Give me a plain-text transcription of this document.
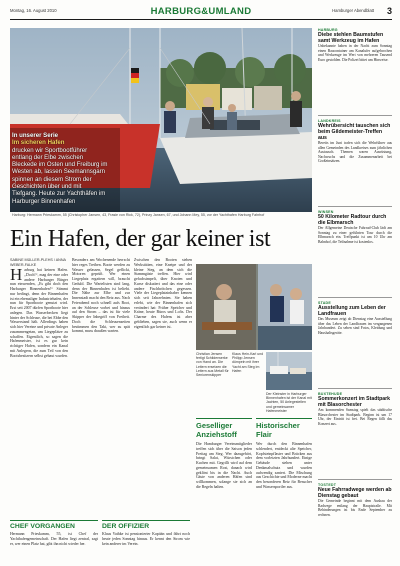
Montag, 16. August 2010	HARBURG&UMLAND	Hamburger Abendblatt	3
In unserer Serie
Im sicheren Hafen
drucken wir Sportbootführer entlang der Elbe zwischen Bleckede im Osten und Freiburg im Westen ab, lassen Seemannsgarn spinnen an diesem Strom der Geschichten über und mit Tiefgang. Heute zur Yachthäfen im Harburger Binnenhafen
Harburg: Hermann Prieskamm, 55 (Christopher Jansen, 43, Frasie von Rick, 72), Prinzy Jansen, 67, und Johann Mey, 55, vor der Yachthafen Harburg Fahrhof
Ein Hafen, der gar keiner ist
SABINE MÜLLER-PLEHS / ANNA WEBER-FALKE
H arburg hat keinen Hafen. „Doch!“, mag der eine oder andere Harburger Bürger nun einwenden, „Es gibt doch den Harburger Binnenhafen!“ Stimmt nur bedingt, denn der Binnenhafen ist ein ehemaliger Industriehafen, der nun für Sportboote genutzt wird. Erst seit 2007 dürfen Sportboote hier anlegen. Das Wasserbecken liegt hinter der Schleuse, die bei Ebbe den Wasserstand hält. Allerdings haben sich hier Vereine und private Anleger zusammengetan, um Liegeplätze zu schaffen. Eigentlich, so sagen die Hafenmeister, ist es gar kein richtiger Hafen, sondern ein Kanal mit Anlegern, die zum Teil von den Bootsbesitzern selbst gebaut wurden.
Besonders am Wochenende herrscht hier reges Treiben. Boote werden zu Wasser gelassen, Segel geflickt, Motoren geprüft. Wer einen Liegeplatz ergattern will, braucht Geduld. Die Wartelisten sind lang, denn der Binnenhafen ist beliebt. Die Nähe zur Elbe und zur Innenstadt macht den Reiz aus. Nach Feierabend noch schnell aufs Boot, an der Schleuse vorbei und hinaus auf den Strom – das ist für viele Skipper der Inbegriff von Freiheit. Doch die Schleusenzeiten bestimmen den Takt, wer zu spät kommt, muss draußen warten.
Zwischen den Booten stehen Werkstätten, eine Kneipe und der kleine Steg, an dem sich die Stammgäste treffen. Hier wird gefachsimpelt, über Knoten und Kurse diskutiert und das eine oder andere Fischbrötchen gegessen. Viele der Liegeplatzinhaber kennen sich seit Jahrzehnten. Sie haben erlebt, wie der Binnenhafen sich verändert hat: Früher Speicher und Kräne, heute Büros und Lofts. Der Charme des Hafens ist aber geblieben, sagen sie, auch wenn er eigentlich gar keiner ist.
Christian Jensen fertigt Schilderwerke von Hand an. Die Leitern ersetzen die Leitern aus Metall für Seniorenskipper
Klaus Hein-Karl und Philipp Jensen dümpeln mit ihrer Yacht am Steg im Hafen
Der Kleinster in Harburger Binnenhafen ist der Kanal mit Jachten, 50 Anlegestellen und gemeinsamer Hafenmeister
Geselliger Anziehstoff
Die Hamburger Vereinsmitglieder treffen sich über die Saison jeden Freitag am Steg. Wer dazugehört, bringt Salat, Würstchen oder Kuchen mit. Gegrillt wird auf dem gemeinsamen Rost, danach wird geklönt bis in die Nacht. Auch Gäste von anderen Häfen sind willkommen, solange sie sich an die Regeln halten.
Historischer Flair
Wer durch den Binnenhafen schlendert, entdeckt alte Speicher, Kopfsteinpflaster und Brücken aus dem vorletzten Jahrhundert. Einige Gebäude stehen unter Denkmalschutz und wurden aufwendig saniert. Die Mischung aus Geschichte und Moderne macht den besonderen Reiz für Besucher und Wassersportler aus.
CHEF VORGANGEN
Hermann Prieskamm, 55, ist Chef der Yachthafengemeinschaft. Der Hafen liegt zentral, sagt er, wer einen Platz hat, gibt ihn nicht wieder her.
DER OFFIZIER
Klaus Vathke ist pensionierter Kapitän und fährt noch heute jeden Sonntag hinaus. Er kennt den Strom wie kein anderer im Verein.
HARBURG
Diebe stehlen Baumstufen samt Werkzeug im Hafen
Unbekannte haben in der Nacht zum Sonntag einen Baucontainer am Kanalufer aufgebrochen und Werkzeuge im Wert von mehreren Tausend Euro gestohlen. Die Polizei bittet um Hinweise.
LANDKREIS
Wehrübersicht tauschen sich beim Gildemeister-Treffen aus
Bereits im Juni trafen sich die Wehrführer aus allen Gemeinden des Landkreises zum jährlichen Austausch. Themen waren Ausrüstung, Nachwuchs und die Zusammenarbeit bei Großeinsätzen.
WINSEN
50 Kilometer Radtour durch die Elbmarsch
Der Allgemeine Deutsche Fahrrad-Club lädt am Sonntag zu einer geführten Tour durch die Elbmarsch ein. Treffpunkt ist um 10 Uhr am Bahnhof, die Teilnahme ist kostenlos.
STADE
Ausstellung zum Leben der Landfrauen
Das Museum zeigt ab Dienstag eine Ausstellung über das Leben der Landfrauen im vergangenen Jahrhundert. Zu sehen sind Fotos, Kleidung und Haushaltsgeräte.
BUXTEHUDE
Sommerkonzert im Stadtpark mit Blasorchester
Am kommenden Samstag spielt das städtische Blasorchester im Stadtpark. Beginn ist um 17 Uhr, der Eintritt ist frei. Bei Regen fällt das Konzert aus.
TOSTEDT
Neue Fahrradwege werden ab Dienstag gebaut
Die Gemeinde beginnt mit dem Ausbau der Radwege entlang der Hauptstraße. Mit Behinderungen ist bis Ende September zu rechnen.
